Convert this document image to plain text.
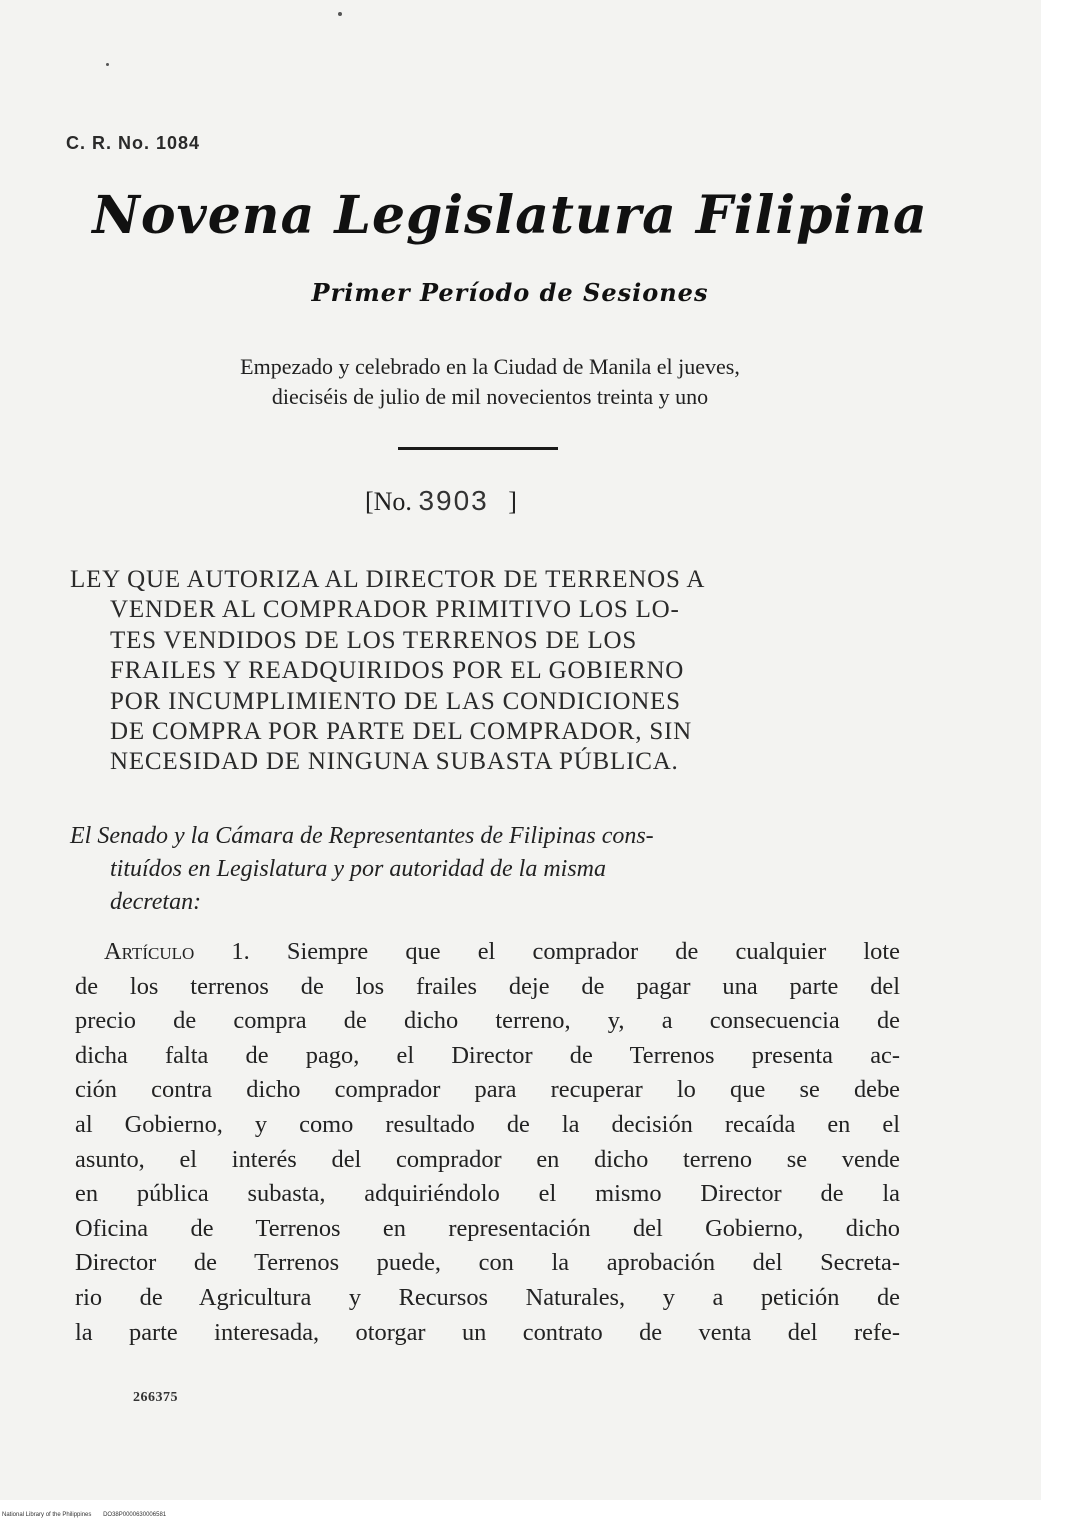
C. R. No. 1084
Novena Legislatura Filipina
Primer Período de Sesiones
Empezado y celebrado en la Ciudad de Manila el jueves,
dieciséis de julio de mil novecientos treinta y uno
[No. 3903 ]
LEY QUE AUTORIZA AL DIRECTOR DE TERRENOS A
VENDER AL COMPRADOR PRIMITIVO LOS LO-
TES VENDIDOS DE LOS TERRENOS DE LOS
FRAILES Y READQUIRIDOS POR EL GOBIERNO
POR INCUMPLIMIENTO DE LAS CONDICIONES
DE COMPRA POR PARTE DEL COMPRADOR, SIN
NECESIDAD DE NINGUNA SUBASTA PÚBLICA.
El Senado y la Cámara de Representantes de Filipinas cons-
tituídos en Legislatura y por autoridad de la misma
decretan:
Artículo 1. Siempre que el comprador de cualquier lote
de los terrenos de los frailes deje de pagar una parte del
precio de compra de dicho terreno, y, a consecuencia de
dicha falta de pago, el Director de Terrenos presenta ac-
ción contra dicho comprador para recuperar lo que se debe
al Gobierno, y como resultado de la decisión recaída en el
asunto, el interés del comprador en dicho terreno se vende
en pública subasta, adquiriéndolo el mismo Director de la
Oficina de Terrenos en representación del Gobierno, dicho
Director de Terrenos puede, con la aprobación del Secreta-
rio de Agricultura y Recursos Naturales, y a petición de
la parte interesada, otorgar un contrato de venta del refe-
266375
National Library of the Philippines DO38P0000630006581
